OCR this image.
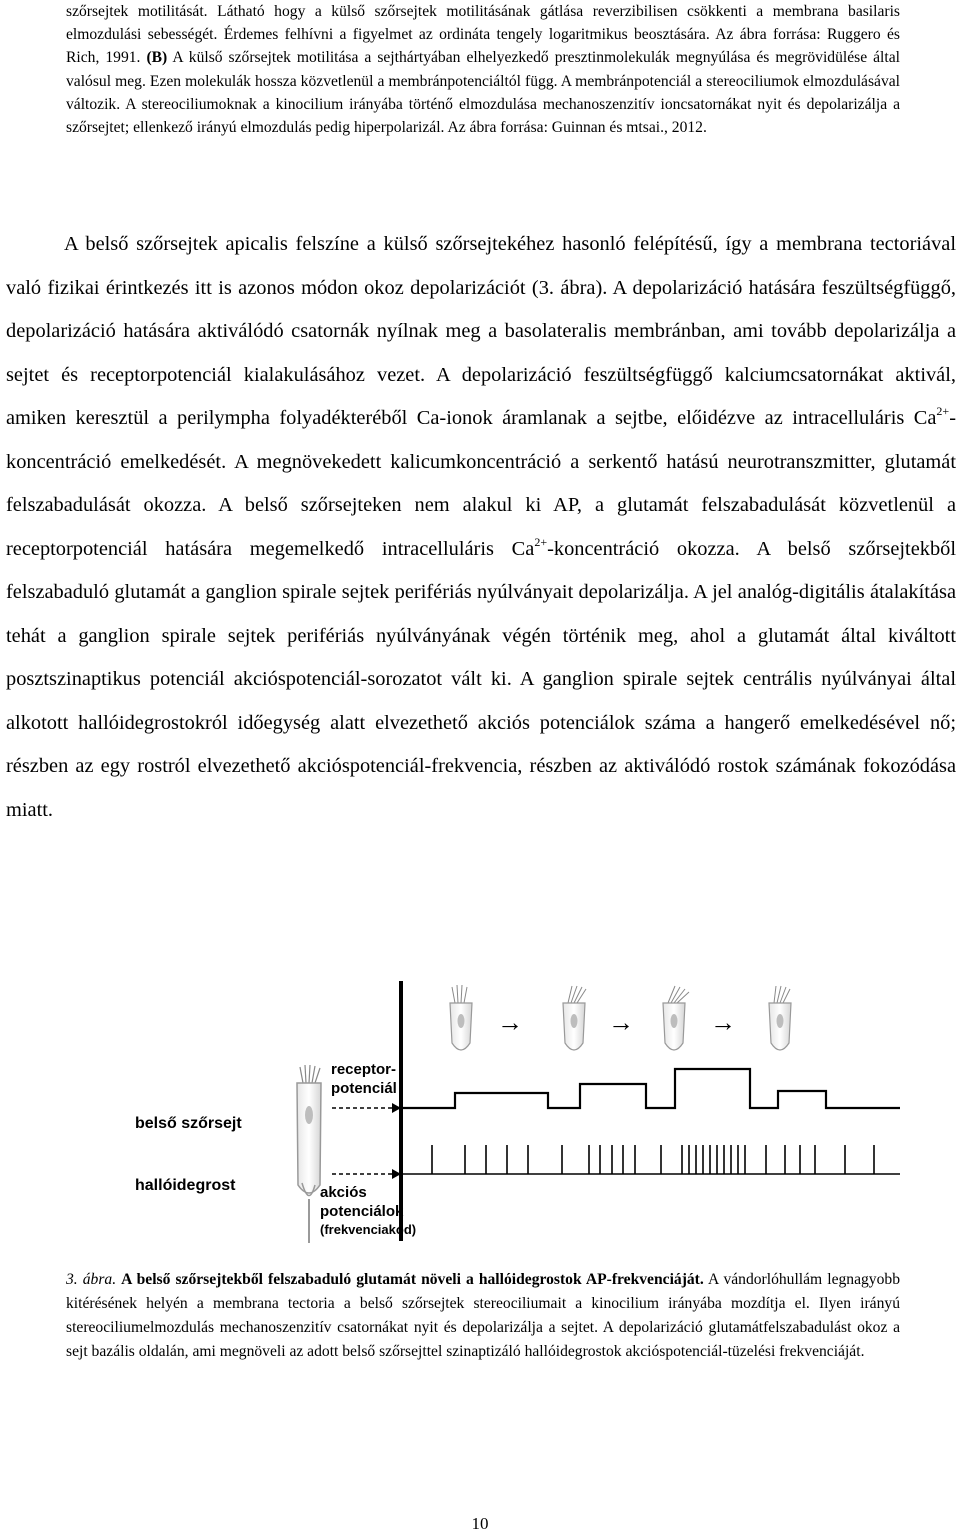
szőrsejtek motilitását. Látható hogy a külső szőrsejtek motilitásának gátlása reverzibilisen csökkenti a membrana basilaris elmozdulási sebességét. Érdemes felhívni a figyelmet az ordináta tengely logaritmikus beosztására. Az ábra forrása: Ruggero és Rich, 1991. (B) A külső szőrsejtek motilitása a sejthártyában elhelyezkedő presztinmolekulák megnyúlása és megrövidülése által valósul meg. Ezen molekulák hossza közvetlenül a membránpotenciáltól függ. A membránpotenciál a stereociliumok elmozdulásával változik. A stereociliumoknak a kinocilium irányába történő elmozdulása mechanoszenzitív ioncsatornákat nyit és depolarizálja a szőrsejtet; ellenkező irányú elmozdulás pedig hiperpolarizál. Az ábra forrása: Guinnan és mtsai., 2012.

A belső szőrsejtek apicalis felszíne a külső szőrsejtekéhez hasonló felépítésű, így a membrana tectoriával való fizikai érintkezés itt is azonos módon okoz depolarizációt (3. ábra). A depolarizáció hatására feszültségfüggő, depolarizáció hatására aktiválódó csatornák nyílnak meg a basolateralis membránban, ami tovább depolarizálja a sejtet és receptorpotenciál kialakulásához vezet. A depolarizáció feszültségfüggő kalciumcsatornákat aktivál, amiken keresztül a perilympha folyadékteréből Ca-ionok áramlanak a sejtbe, előidézve az intracelluláris $Ca^{2+}$-koncentráció emelkedését. A megnövekedett kalicumkoncentráció a serkentő hatású neurotranszmitter, glutamát felszabadulását okozza. A belső szőrsejteken nem alakul ki AP, a glutamát felszabadulását közvetlenül a receptorpotenciál hatására megemelkedő intracelluláris $Ca^{2+}$-koncentráció okozza. A belső szőrsejtekből felszabaduló glutamát a ganglion spirale sejtek perifériás nyúlványait depolarizálja. A jel analóg-digitális átalakítása tehát a ganglion spirale sejtek perifériás nyúlványának végén történik meg, ahol a glutamát által kiváltott posztszinaptikus potenciál akcióspotenciál-sorozatot vált ki. A ganglion spirale sejtek centrális nyúlványai által alkotott hallóidegrostokról időegység alatt elvezethető akciós potenciálok száma a hangerő emelkedésével nő; részben az egy rostról elvezethető akcióspotenciál-frekvencia, részben az aktiválódó rostok számának fokozódása miatt.

→	→	→
receptor-
potenciál
belső szőrsejt
hallóidegrost	akciós
potenciálok
(frekvenciakód)

3. ábra. A belső szőrsejtekből felszabaduló glutamát növeli a hallóidegrostok AP-frekvenciáját. A vándorlóhullám legnagyobb kitérésének helyén a membrana tectoria a belső szőrsejtek stereociliumait a kinocilium irányába mozdítja el. Ilyen irányú stereociliumelmozdulás mechanoszenzitív csatornákat nyit és depolarizálja a sejtet. A depolarizáció glutamátfelszabadulást okoz a sejt bazális oldalán, ami megnöveli az adott belső szőrsejttel szinaptizáló hallóidegrostok akcióspotenciál-tüzelési frekvenciáját.

10
